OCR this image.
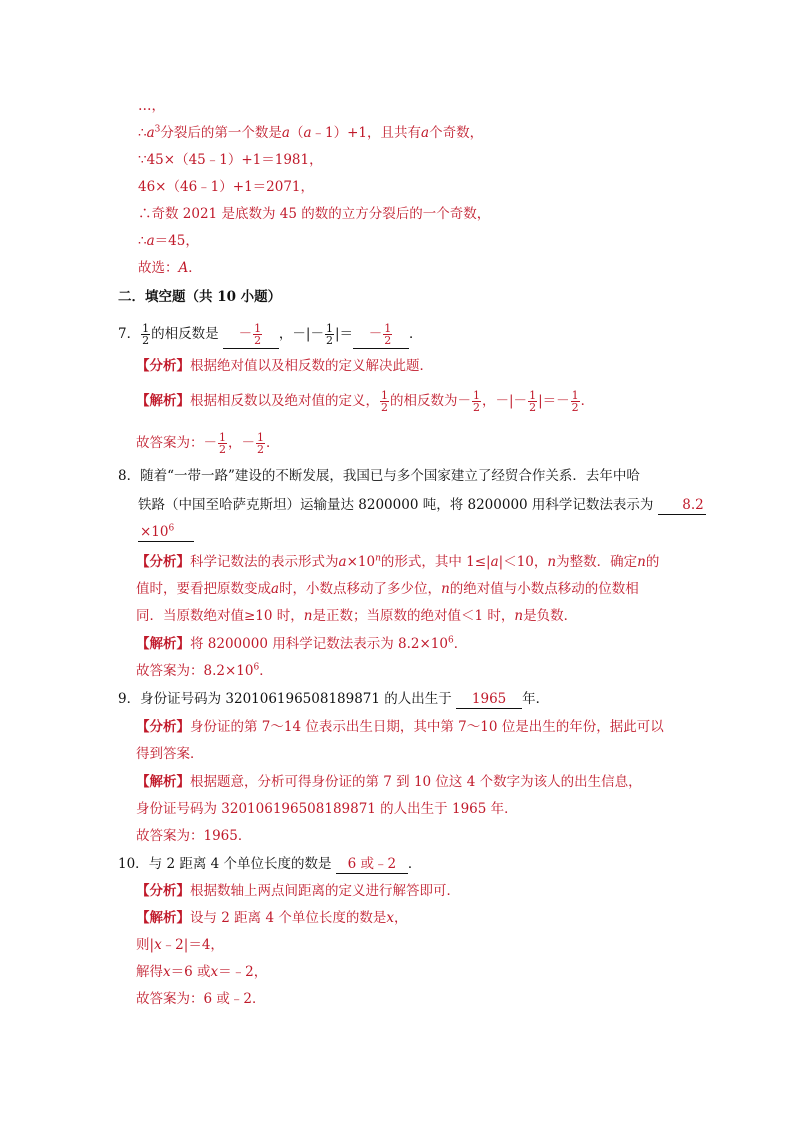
…，
$\therefore a^3$分裂后的第一个数是a（a﹣1）+1，且共有a个奇数，
∵45×（45﹣1）+1＝1981，
46×（46﹣1）+1＝2071，
∴奇数 2021 是底数为 45 的数的立方分裂后的一个奇数，
∴a＝45，
故选：A．
二．填空题（共 10 小题）
7． $\frac{1}{2}$ 的相反数是 － $\frac{1}{2}$ ，－|－ $\frac{1}{2}$ |＝ － $\frac{1}{2}$ ．
【分析】根据绝对值以及相反数的定义解决此题．
【解析】根据相反数以及绝对值的定义， $\frac{1}{2}$ 的相反数为－ $\frac{1}{2}$ ，－|－ $\frac{1}{2}$ |＝－ $\frac{1}{2}$ ．
故答案为：－ $\frac{1}{2}$ ，－ $\frac{1}{2}$ ．
8．随着“一带一路”建设的不断发展，我国已与多个国家建立了经贸合作关系．去年中哈
铁路（中国至哈萨克斯坦）运输量达 8200000 吨，将 8200000 用科学记数法表示为 8.2
$\times 10^6$
【分析】科学记数法的表示形式为$a\times 10^n$的形式，其中 1≤|a|＜10，n为整数．确定n的
值时，要看把原数变成a时，小数点移动了多少位，n的绝对值与小数点移动的位数相
同．当原数绝对值≥10 时，n是正数；当原数的绝对值＜1 时，n是负数．
【解析】将 8200000 用科学记数法表示为 $8.2\times 10^6$．
故答案为：$8.2\times 10^6$．
9．身份证号码为 320106196508189871 的人出生于 1965 年．
【分析】身份证的第 7～14 位表示出生日期，其中第 7～10 位是出生的年份，据此可以
得到答案．
【解析】根据题意，分析可得身份证的第 7 到 10 位这 4 个数字为该人的出生信息，
身份证号码为 320106196508189871 的人出生于 1965 年．
故答案为：1965．
10．与 2 距离 4 个单位长度的数是 6 或﹣2 ．
【分析】根据数轴上两点间距离的定义进行解答即可．
【解析】设与 2 距离 4 个单位长度的数是x，
则|x﹣2|＝4，
解得x＝6 或x＝﹣2，
故答案为：6 或﹣2．
